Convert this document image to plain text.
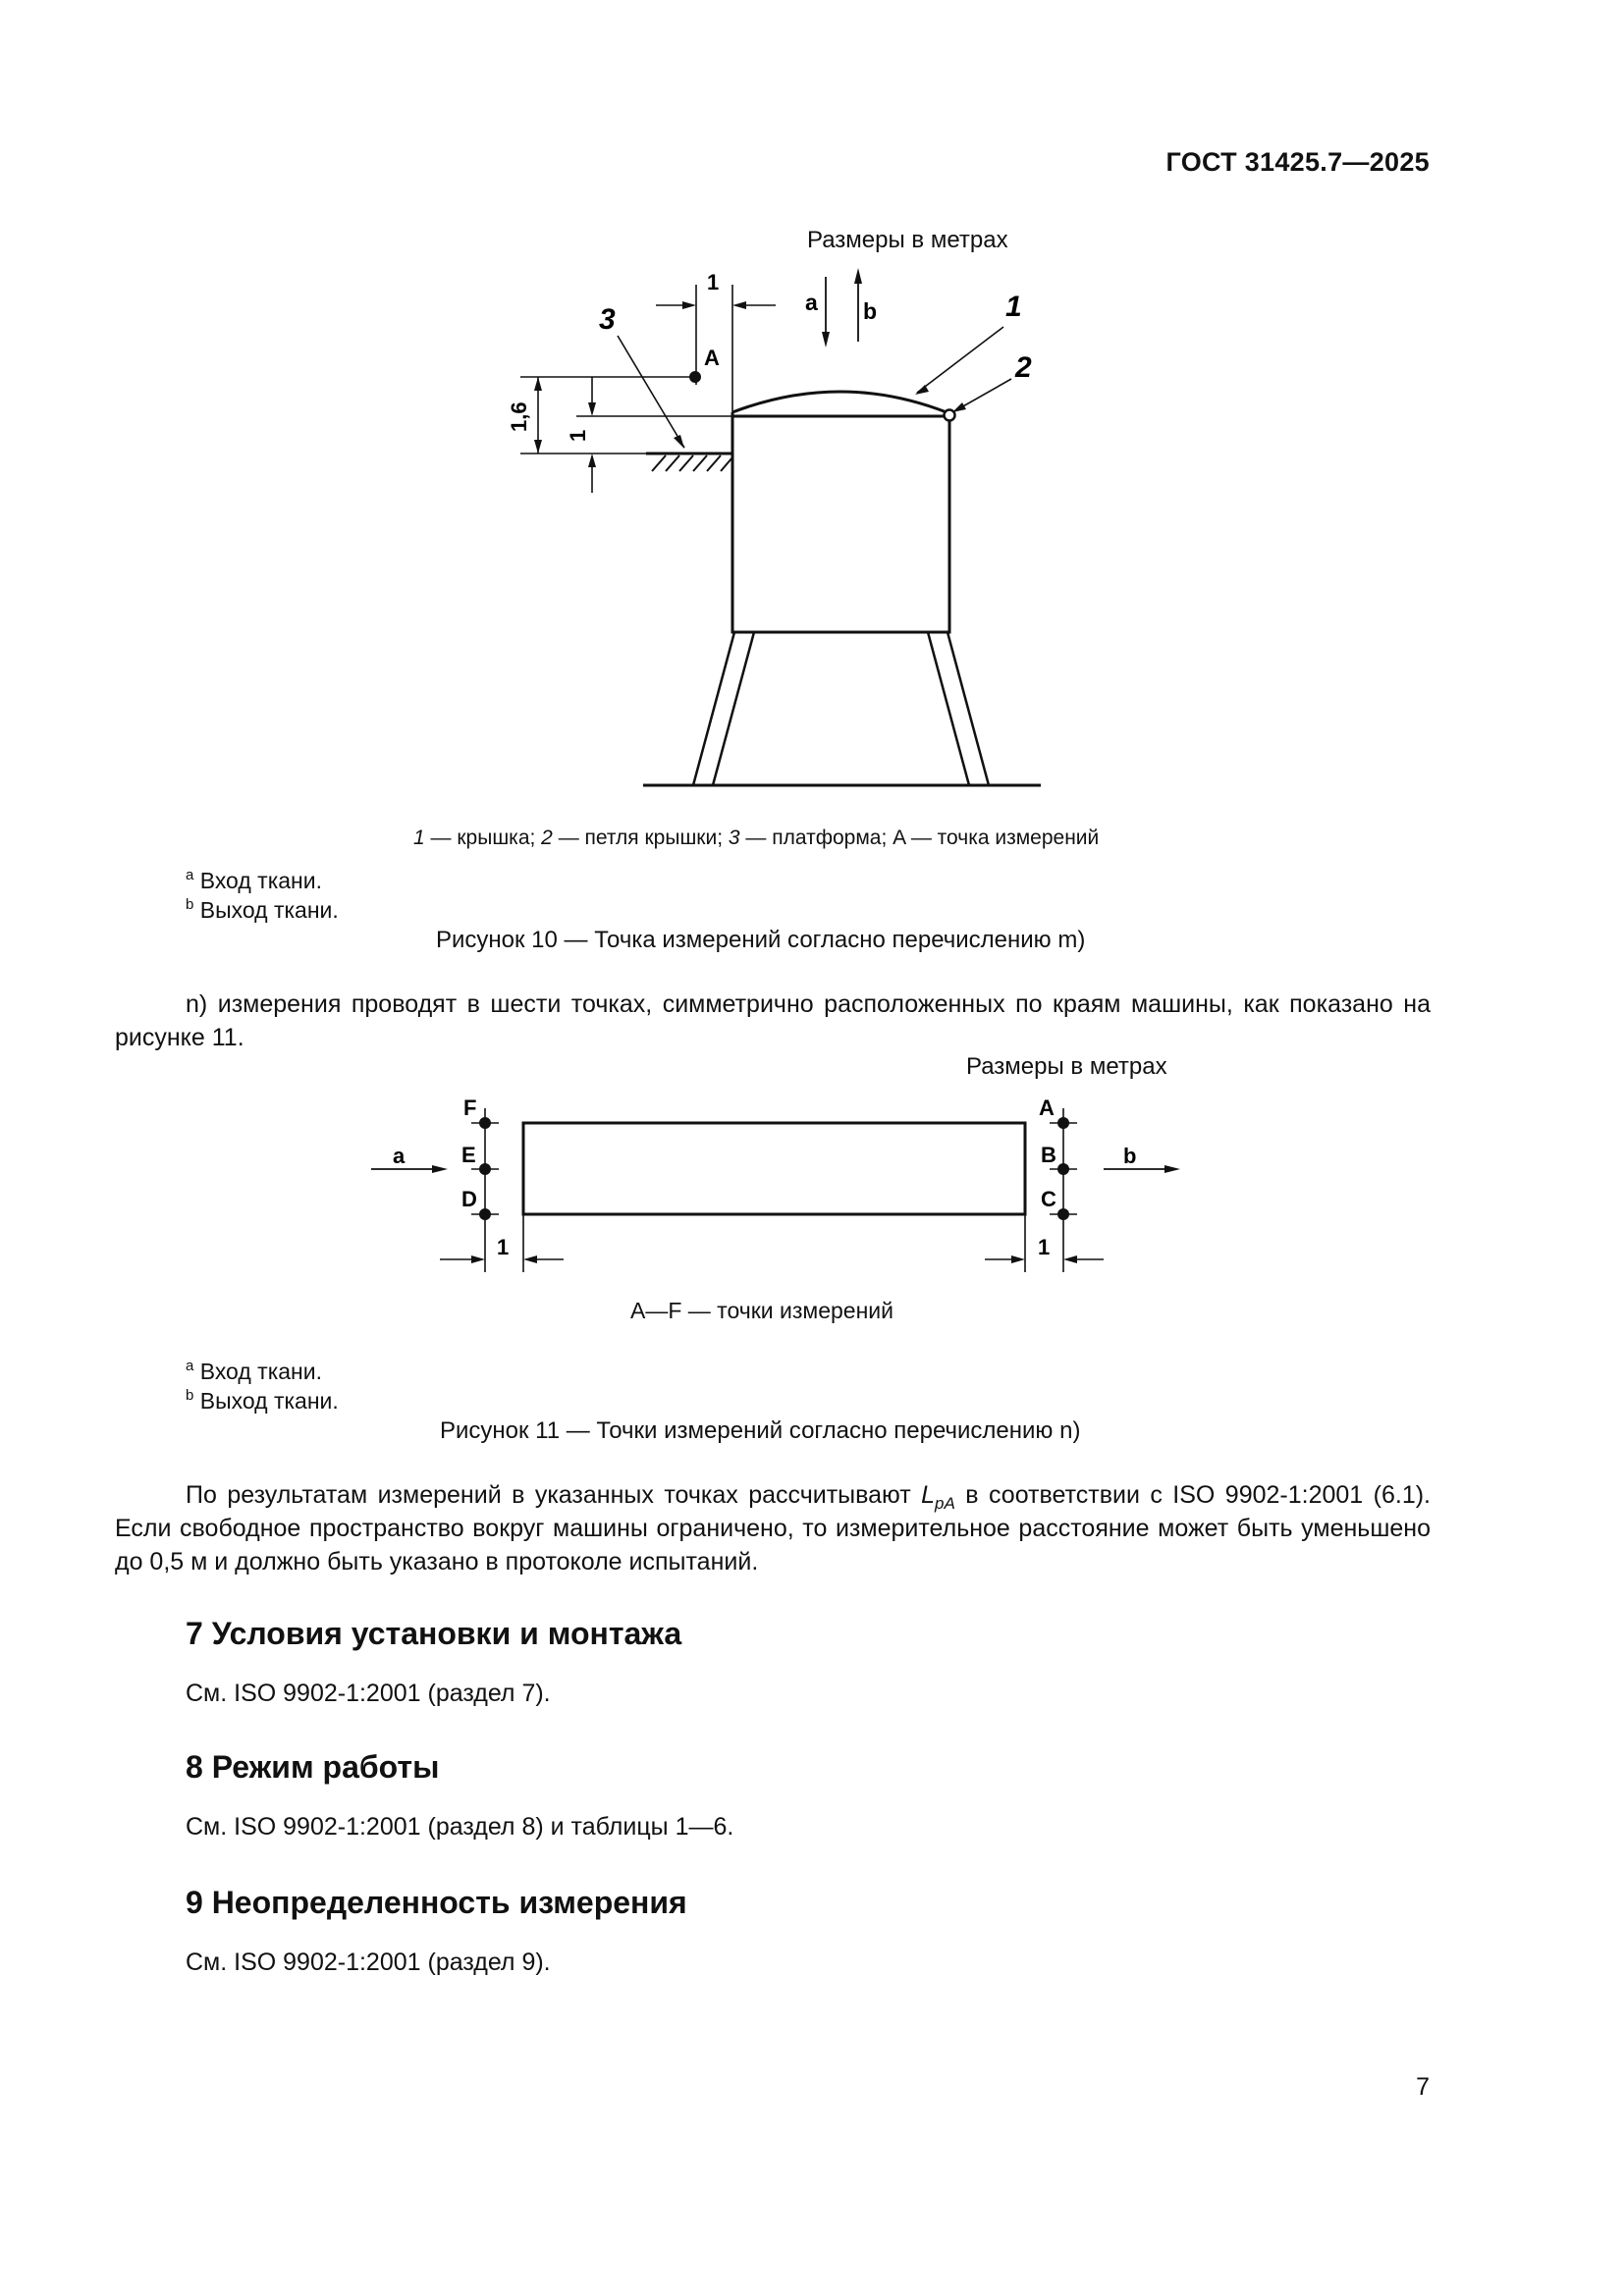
ГОСТ 31425.7—2025
Размеры в метрах
1
A
a b
3	1
2
1,6
1
1 — крышка; 2 — петля крышки; 3 — платформа; A — точка измерений
$^a$ Вход ткани.
$^b$ Выход ткани.
Рисунок 10 — Точка измерений согласно перечислению m)
n) измерения проводят в шести точках, симметрично расположенных по краям машины, как показано на рисунке 11.
Размеры в метрах
F
E
D
A
B
C
a	b
1	1
A—F — точки измерений
$^a$ Вход ткани.
$^b$ Выход ткани.
Рисунок 11 — Точки измерений согласно перечислению n)
По результатам измерений в указанных точках рассчитывают $L_{pA}$ в соответствии с ISO 9902-1:2001 (6.1). Если свободное пространство вокруг машины ограничено, то измерительное расстояние может быть уменьшено до 0,5 м и должно быть указано в протоколе испытаний.
7 Условия установки и монтажа
См. ISO 9902-1:2001 (раздел 7).
8 Режим работы
См. ISO 9902-1:2001 (раздел 8) и таблицы 1—6.
9 Неопределенность измерения
См. ISO 9902-1:2001 (раздел 9).
7
